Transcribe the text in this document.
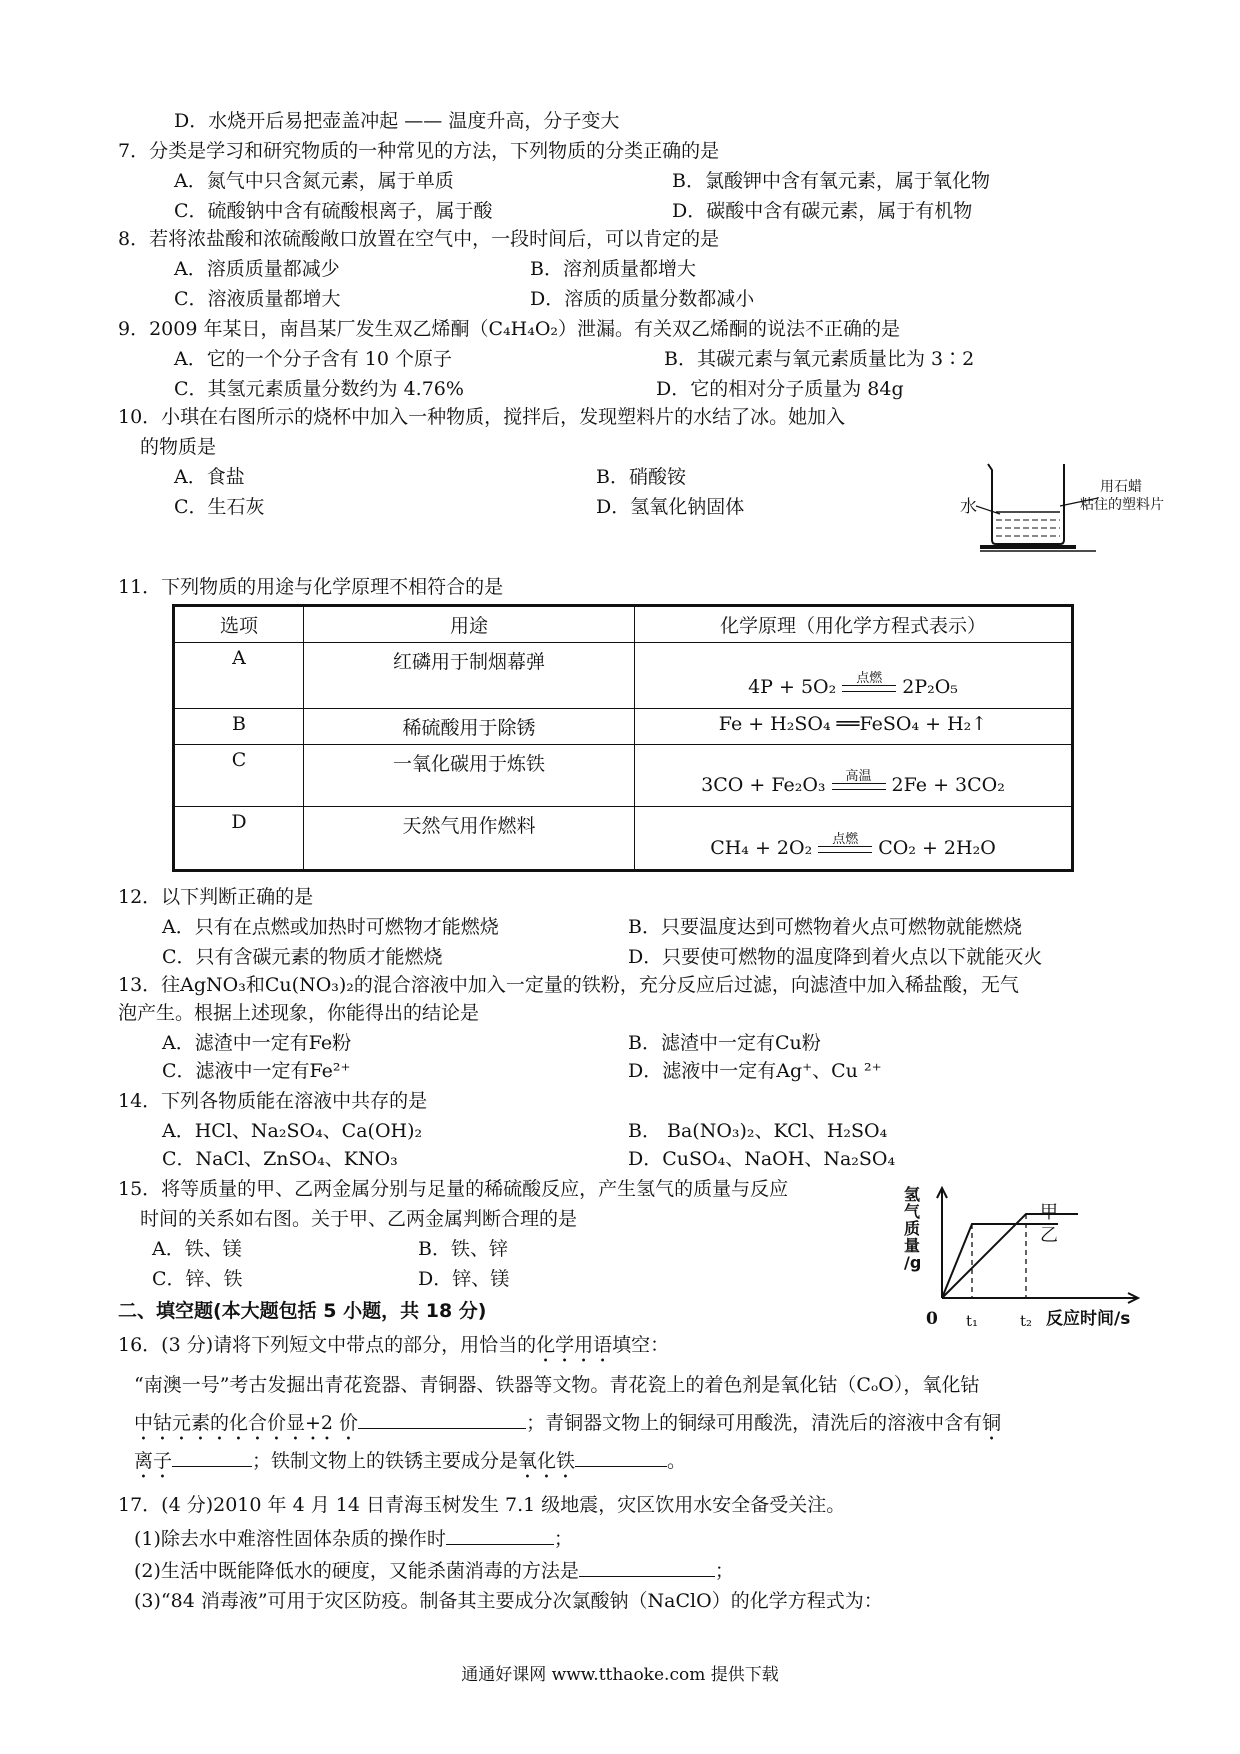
D．水烧开后易把壶盖冲起 —— 温度升高，分子变大
7．分类是学习和研究物质的一种常见的方法，下列物质的分类正确的是
A．氮气中只含氮元素，属于单质	B．氯酸钾中含有氧元素，属于氧化物
C．硫酸钠中含有硫酸根离子，属于酸	D．碳酸中含有碳元素，属于有机物
8．若将浓盐酸和浓硫酸敞口放置在空气中，一段时间后，可以肯定的是
A．溶质质量都减少	B．溶剂质量都增大
C．溶液质量都增大	D．溶质的质量分数都减小
9．2009 年某日，南昌某厂发生双乙烯酮（C₄H₄O₂）泄漏。有关双乙烯酮的说法不正确的是
A．它的一个分子含有 10 个原子	B．其碳元素与氧元素质量比为 3∶2
C．其氢元素质量分数约为 4.76%	D．它的相对分子质量为 84g
10．小琪在右图所示的烧杯中加入一种物质，搅拌后，发现塑料片的水结了冰。她加入
的物质是
A．食盐	B．硝酸铵
C．生石灰	D．氢氧化钠固体	水
用石蜡
粘住的塑料片
11．下列物质的用途与化学原理不相符合的是
选项	用途	化学原理（用化学方程式表示）
A	红磷用于制烟幕弹	4P + 5O₂ 点燃 2P₂O₅

B	稀硫酸用于除锈	Fe + H₂SO₄ ══FeSO₄ + H₂↑
C	一氧化碳用于炼铁	3CO + Fe₂O₃ 高温 2Fe + 3CO₂

D	天然气用作燃料	CH₄ + 2O₂ 点燃 CO₂ + 2H₂O
12．以下判断正确的是
A．只有在点燃或加热时可燃物才能燃烧	B．只要温度达到可燃物着火点可燃物就能燃烧
C．只有含碳元素的物质才能燃烧	D．只要使可燃物的温度降到着火点以下就能灭火
13．往AgNO₃和Cu(NO₃)₂的混合溶液中加入一定量的铁粉，充分反应后过滤，向滤渣中加入稀盐酸，无气
泡产生。根据上述现象，你能得出的结论是
A．滤渣中一定有Fe粉	B．滤渣中一定有Cu粉
C．滤液中一定有Fe²⁺	D．滤液中一定有Ag⁺、Cu ²⁺
14．下列各物质能在溶液中共存的是
A．HCl、Na₂SO₄、Ca(OH)₂	B． Ba(NO₃)₂、KCl、H₂SO₄
C．NaCl、ZnSO₄、KNO₃	D．CuSO₄、NaOH、Na₂SO₄
15．将等质量的甲、乙两金属分别与足量的稀硫酸反应，产生氢气的质量与反应
时间的关系如右图。关于甲、乙两金属判断合理的是
A．铁、镁	B．铁、锌
C．锌、铁	D．锌、镁
氢
气
质
量
/g
甲
乙
0 t₁	t₂ 反应时间/s
二、填空题(本大题包括 5 小题，共 18 分)
16．(3 分)请将下列短文中带点的部分，用恰当的化学用语填空：
“南澳一号”考古发掘出青花瓷器、青铜器、铁器等文物。青花瓷上的着色剂是氧化钴（CₒO），氧化钴
中钴元素的化合价显+2 价	；青铜器文物上的铜绿可用酸洗，清洗后的溶液中含有铜
离子	；铁制文物上的铁锈主要成分是氧化铁	。
17．(4 分)2010 年 4 月 14 日青海玉树发生 7.1 级地震，灾区饮用水安全备受关注。
(1)除去水中难溶性固体杂质的操作时	；
(2)生活中既能降低水的硬度，又能杀菌消毒的方法是	；
(3)“84 消毒液”可用于灾区防疫。制备其主要成分次氯酸钠（NaClO）的化学方程式为：
通通好课网 www.tthaoke.com 提供下载
